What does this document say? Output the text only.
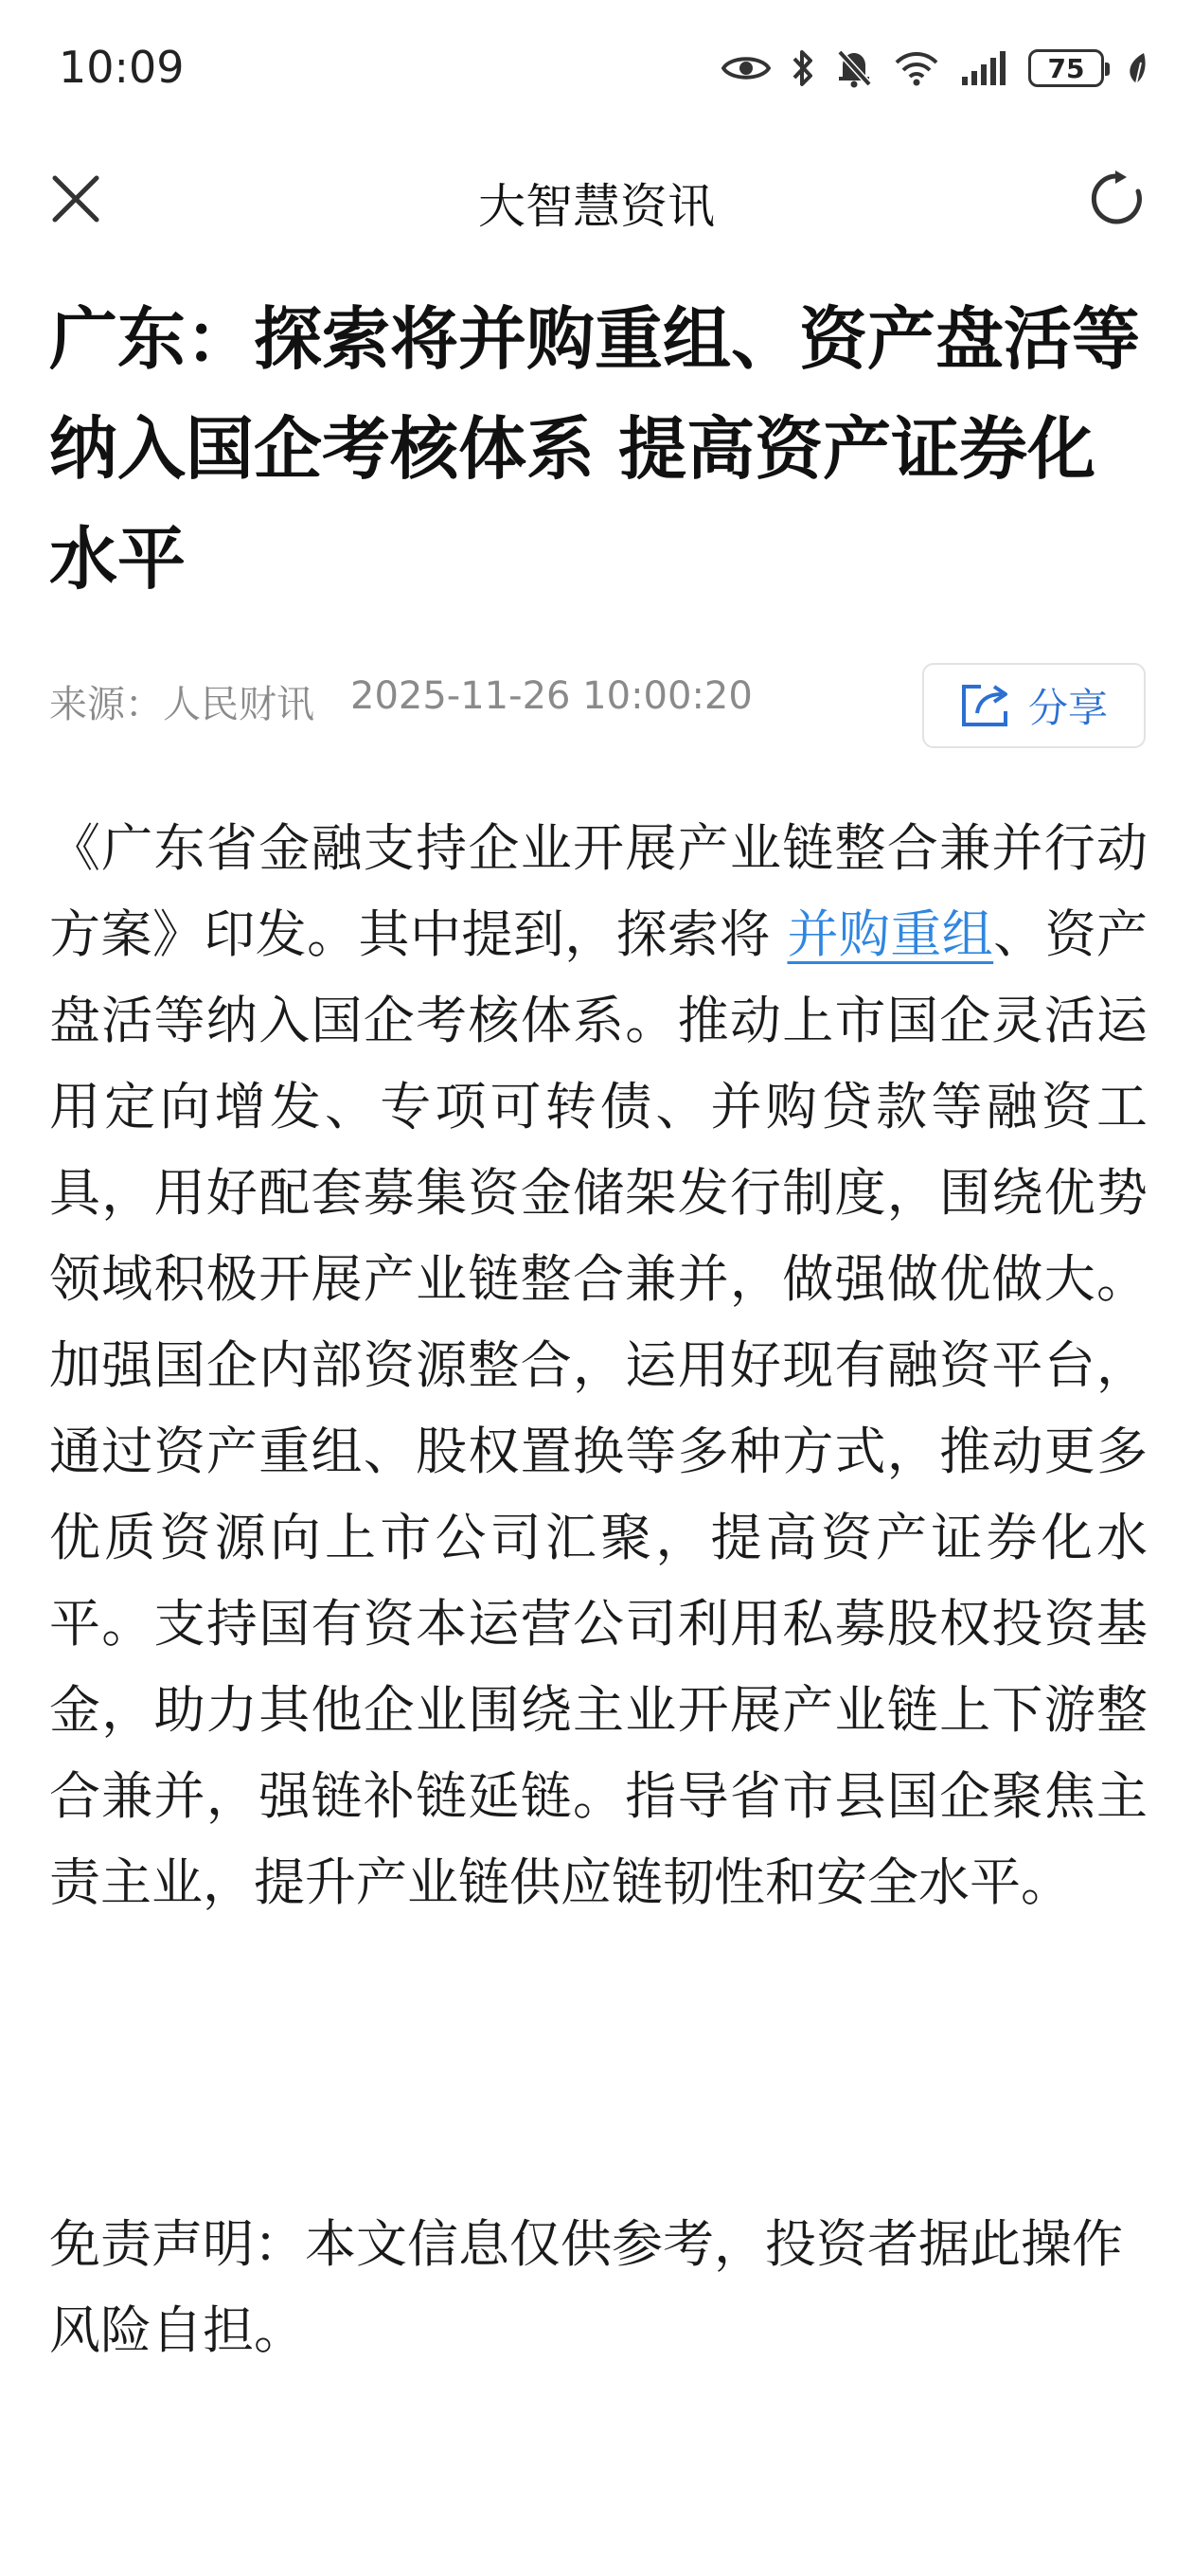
10:09	75
大智慧资讯
广东：探索将并购重组、资产盘活等纳入国企考核体系 提高资产证券化水平
来源：人民财讯 2025-11-26 10:00:20	分享

《广东省金融支持企业开展产业链整合兼并行动方案》印发。其中提到，探索将 并购重组、资产盘活等纳入国企考核体系。推动上市国企灵活运用定向增发、专项可转债、并购贷款等融资工具，用好配套募集资金储架发行制度，围绕优势领域积极开展产业链整合兼并，做强做优做大。加强国企内部资源整合，运用好现有融资平台，通过资产重组、股权置换等多种方式，推动更多优质资源向上市公司汇聚，提高资产证券化水平。支持国有资本运营公司利用私募股权投资基金，助力其他企业围绕主业开展产业链上下游整合兼并，强链补链延链。指导省市县国企聚焦主责主业，提升产业链供应链韧性和安全水平。

免责声明：本文信息仅供参考，投资者据此操作风险自担。
